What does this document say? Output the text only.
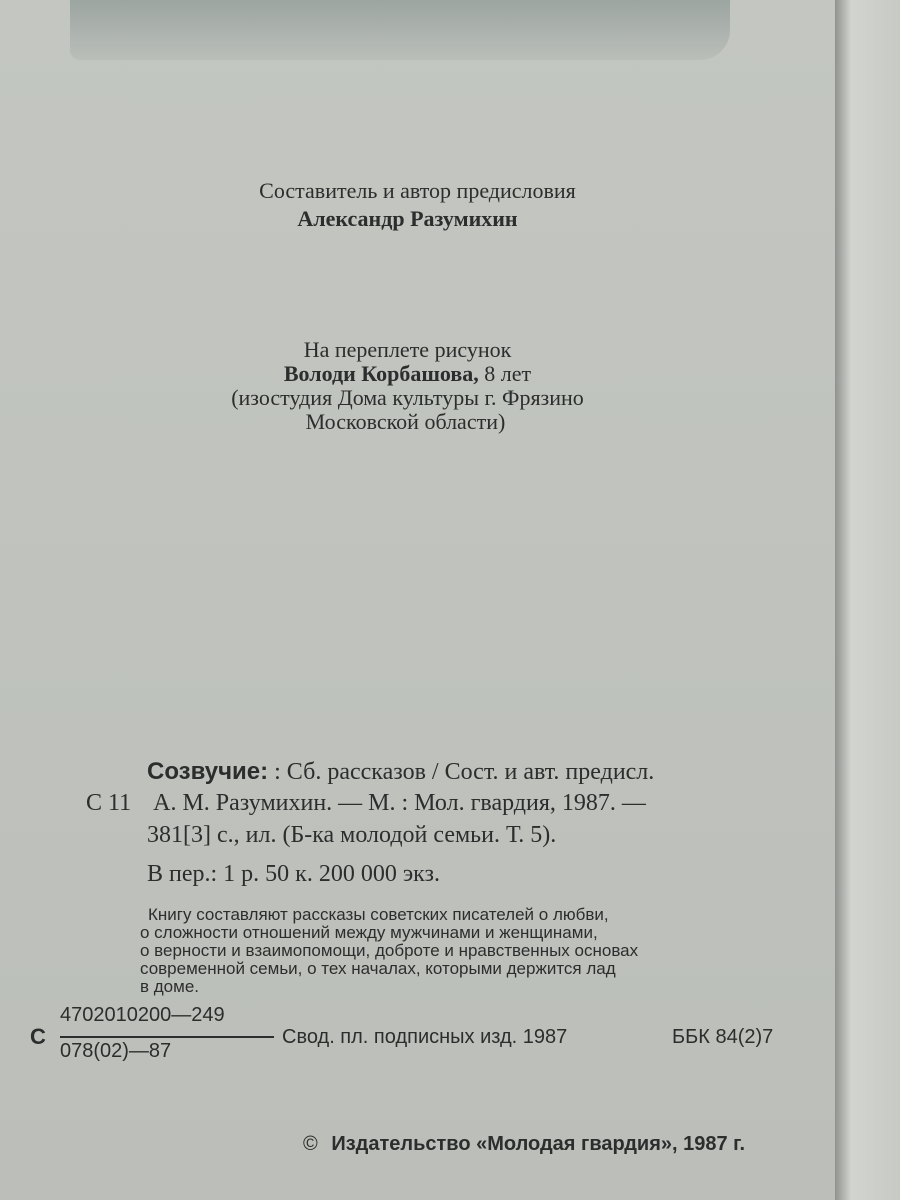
Составитель и автор предисловия
Александр Разумихин
На переплете рисунок
Володи Корбашова, 8 лет
(изостудия Дома культуры г. Фрязино
Московской области)
Созвучие: : Сб. рассказов / Сост. и авт. предисл.
С 11 А. М. Разумихин. — М. : Мол. гвардия, 1987. —
381[3] с., ил. (Б-ка молодой семьи. Т. 5).
В пер.: 1 р. 50 к. 200 000 экз.
Книгу составляют рассказы советских писателей о любви,
о сложности отношений между мужчинами и женщинами,
о верности и взаимопомощи, доброте и нравственных основах
современной семьи, о тех началах, которыми держится лад
в доме.
С
4702010200—249
078(02)—87
Свод. пл. подписных изд. 1987	ББК 84(2)7
© Издательство «Молодая гвардия», 1987 г.
